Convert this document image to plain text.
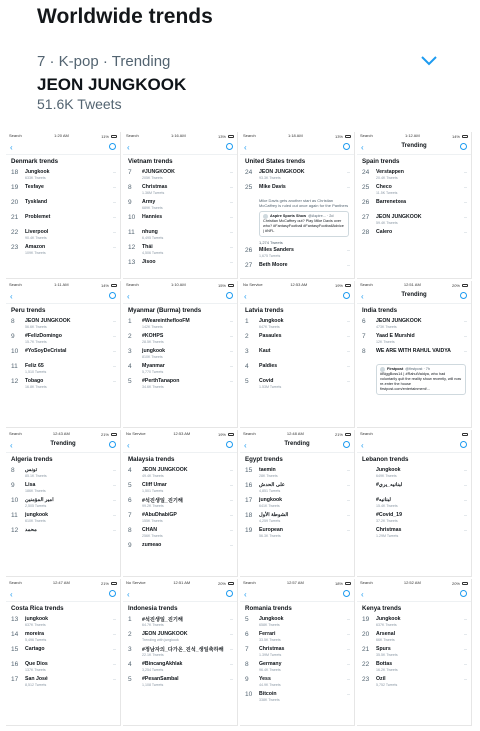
Worldwide trends
7 · K-pop · Trending
JEON JUNGKOOK
51.6K Tweets
Search	1:20 AM	11%
‹
Denmark trends
18	Jungkook
633K Tweets
···
19	Tesfaye	···
20	Tyskland	···
21	Problemet	···
22	Liverpool
90.4K Tweets
···
23	Amazon
109K Tweets
···
Search	1:16 AM	13%
‹
Vietnam trends
7	#JUNGKOOK
205K Tweets
···
8	Christmas
1.36M Tweets
···
9	Army
689K Tweets
···
10	Hannies	···
11	nhung
6,495 Tweets
···
12	Thái
4,506 Tweets
···
13	Jisoo	···
Search	1:18 AM	13%
‹
United States trends
24	JEON JUNGKOOK
93.3K Tweets
···
25	Mike Davis	···
Mike Davis gets another start as Christian McCaffrey is ruled out once again for the Panthers
Aspire Sports Show @Aspire... · 2d
Christian McCaffrey out? Play Mike Davis over who? #FantasyFootball #FantasyFootballAdvice | #NFL
1,274 Tweets
26	Miles Sanders
1,675 Tweets
···
27	Beth Moore	···
Search	1:12 AM	14%
‹	Trending
Spain trends
24	Verstappen
20.4K Tweets
···
25	Checo
11.5K Tweets
···
26	Barrenetxea	···
27	JEON JUNGKOOK
59.4K Tweets
···
28	Calero	···
Search	1:11 AM	14%
‹
Peru trends
8	JEON JUNGKOOK
56.6K Tweets
···
9	#FelizDomingo
15.7K Tweets
···
10	#YoSoyDeCristal	···
11	Feliz 65
1,510 Tweets
···
12	Tobago
16.8K Tweets
···
Search	1:10 AM	15%
‹
Myanmar (Burma) trends
1	#WeareintheflooFM
142K Tweets
···
2	#KOHPS
28.5K Tweets
···
3	jungkook
810K Tweets
···
4	Myanmar
5,770 Tweets
···
5	#PerthTanapon
34.6K Tweets
···
No Service	12:53 AM	19%
‹
Latvia trends
1	Jungkook
647K Tweets
···
2	Pasaules	···
3	Kaut	···
4	Paldies	···
5	Covid
1.53M Tweets
···
Search	12:51 AM	20%
‹	Trending
India trends
6	JEON JUNGKOOK
473K Tweets
···
7	Yaad E Murshid
12K Tweets
···
8	WE ARE WITH RAHUL VAIDYA	···
Firstpost @firstpost · 7h
#BiggBoss14 | #RahulVaidya, who had voluntarily quit the reality show recently, will now re-enter the house firstpost.com/entertainment/...
Search	12:43 AM	21%
‹	Trending
Algeria trends
8	تونس
85.1K Tweets
···
9	Lisa
186K Tweets
···
10	امير المؤمنين
2,505 Tweets
···
11	jungkook
610K Tweets
···
12	محمد	···
No Service	12:53 AM	19%
‹
Malaysia trends
4	JEON JUNGKOOK
49.4K Tweets
···
5	Cliff Umar
1,501 Tweets
···
6	#석진생일_진기해
99.2K Tweets
···
7	#AbuDhabiGP
155K Tweets
···
8	CHAN
256K Tweets
···
9	zumeao	···
Search	12:48 AM	21%
‹	Trending
Egypt trends
15	taemin
28K Tweets
···
16	على الحدش
4,851 Tweets
···
17	jungkook
641K Tweets
···
18	الشوطة الأول
4,259 Tweets
···
19	European
56.3K Tweets
···
Search
‹
Lebanon trends
Jungkook
649K Tweets
···
#لبنانيه_يري	···
#لبنانيه
15.4K Tweets
···
#Covid_19
37.2K Tweets
···
Christmas
1.29M Tweets
···
Search	12:47 AM	21%
‹
Costa Rica trends
13	jungkook
637K Tweets
···
14	moreira
5,496 Tweets
···
15	Cartago	···
16	Que Dios
137K Tweets
···
17	San José
8,512 Tweets
···
No Service	12:51 AM	20%
‹
Indonesia trends
1	#석진생일_진기해
64.7K Tweets
···
2	JEON JUNGKOOK
Trending with jungkook
···
3	#정남자의_다가온_진석_생일축하해
22.1K Tweets
···
4	#BincangAkhlak
3,254 Tweets
···
5	#PesanSambal
1,108 Tweets
···
Search	12:57 AM	18%
‹
Romania trends
5	Jungkook
658K Tweets
···
6	Ferrari
33.5K Tweets
···
7	Christmas
1.39M Tweets
···
8	Germany
96.4K Tweets
···
9	Yess
44.9K Tweets
···
10	Bitcoin
338K Tweets
···
Search	12:52 AM	20%
‹
Kenya trends
19	Jungkook
637K Tweets
···
20	Arsenal
66K Tweets
···
21	Spurs
35.5K Tweets
···
22	Bottas
16.2K Tweets
···
23	Ozil
5,752 Tweets
···
